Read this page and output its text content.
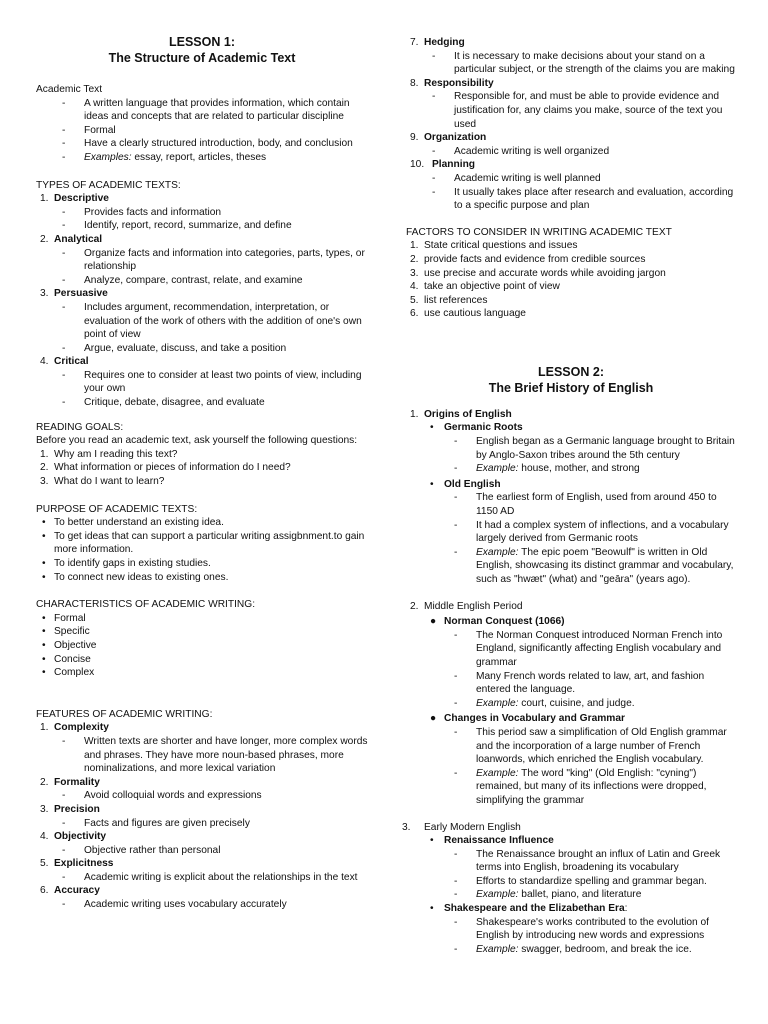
LESSON 1:
The Structure of Academic Text
Academic Text
- A written language that provides information, which contain ideas and concepts that are related to particular discipline
- Formal
- Have a clearly structured introduction, body, and conclusion
- Examples: essay, report, articles, theses
TYPES OF ACADEMIC TEXTS:
1. Descriptive
- Provides facts and information
- Identify, report, record, summarize, and define
2. Analytical
- Organize facts and information into categories, parts, types, or relationship
- Analyze, compare, contrast, relate, and examine
3. Persuasive
- Includes argument, recommendation, interpretation, or evaluation of the work of others with the addition of one's own point of view
- Argue, evaluate, discuss, and take a position
4. Critical
- Requires one to consider at least two points of view, including your own
- Critique, debate, disagree, and evaluate
READING GOALS:
Before you read an academic text, ask yourself the following questions:
1. Why am I reading this text?
2. What information or pieces of information do I need?
3. What do I want to learn?
PURPOSE OF ACADEMIC TEXTS:
• To better understand an existing idea.
• To get ideas that can support a particular writing assigbnment.to gain more information.
• To identify gaps in existing studies.
• To connect new ideas to existing ones.
CHARACTERISTICS OF ACADEMIC WRITING:
• Formal
• Specific
• Objective
• Concise
• Complex
FEATURES OF ACADEMIC WRITING:
1. Complexity
- Written texts are shorter and have longer, more complex words and phrases. They have more noun-based phrases, more nominalizations, and more lexical variation
2. Formality
- Avoid colloquial words and expressions
3. Precision
- Facts and figures are given precisely
4. Objectivity
- Objective rather than personal
5. Explicitness
- Academic writing is explicit about the relationships in the text
6. Accuracy
- Academic writing uses vocabulary accurately
7. Hedging
- It is necessary to make decisions about your stand on a particular subject, or the strength of the claims you are making
8. Responsibility
- Responsible for, and must be able to provide evidence and justification for, any claims you make, source of the text you used
9. Organization
- Academic writing is well organized
10. Planning
- Academic writing is well planned
- It usually takes place after research and evaluation, according to a specific purpose and plan
FACTORS TO CONSIDER IN WRITING ACADEMIC TEXT
1. State critical questions and issues
2. provide facts and evidence from credible sources
3. use precise and accurate words while avoiding jargon
4. take an objective point of view
5. list references
6. use cautious language
LESSON 2:
The Brief History of English
1. Origins of English
• Germanic Roots
- English began as a Germanic language brought to Britain by Anglo-Saxon tribes around the 5th century
- Example: house, mother, and strong
• Old English
- The earliest form of English, used from around 450 to 1150 AD
- It had a complex system of inflections, and a vocabulary largely derived from Germanic roots
- Example: The epic poem "Beowulf" is written in Old English, showcasing its distinct grammar and vocabulary, such as "hwæt" (what) and "geāra" (years ago).
2. Middle English Period
● Norman Conquest (1066)
- The Norman Conquest introduced Norman French into England, significantly affecting English vocabulary and grammar
- Many French words related to law, art, and fashion entered the language.
- Example: court, cuisine, and judge.
● Changes in Vocabulary and Grammar
- This period saw a simplification of Old English grammar and the incorporation of a large number of French loanwords, which enriched the English vocabulary.
- Example: The word "king" (Old English: "cyning") remained, but many of its inflections were dropped, simplifying the grammar
3. Early Modern English
• Renaissance Influence
- The Renaissance brought an influx of Latin and Greek terms into English, broadening its vocabulary
- Efforts to standardize spelling and grammar began.
- Example: ballet, piano, and literature
• Shakespeare and the Elizabethan Era:
- Shakespeare's works contributed to the evolution of English by introducing new words and expressions
- Example: swagger, bedroom, and break the ice.
